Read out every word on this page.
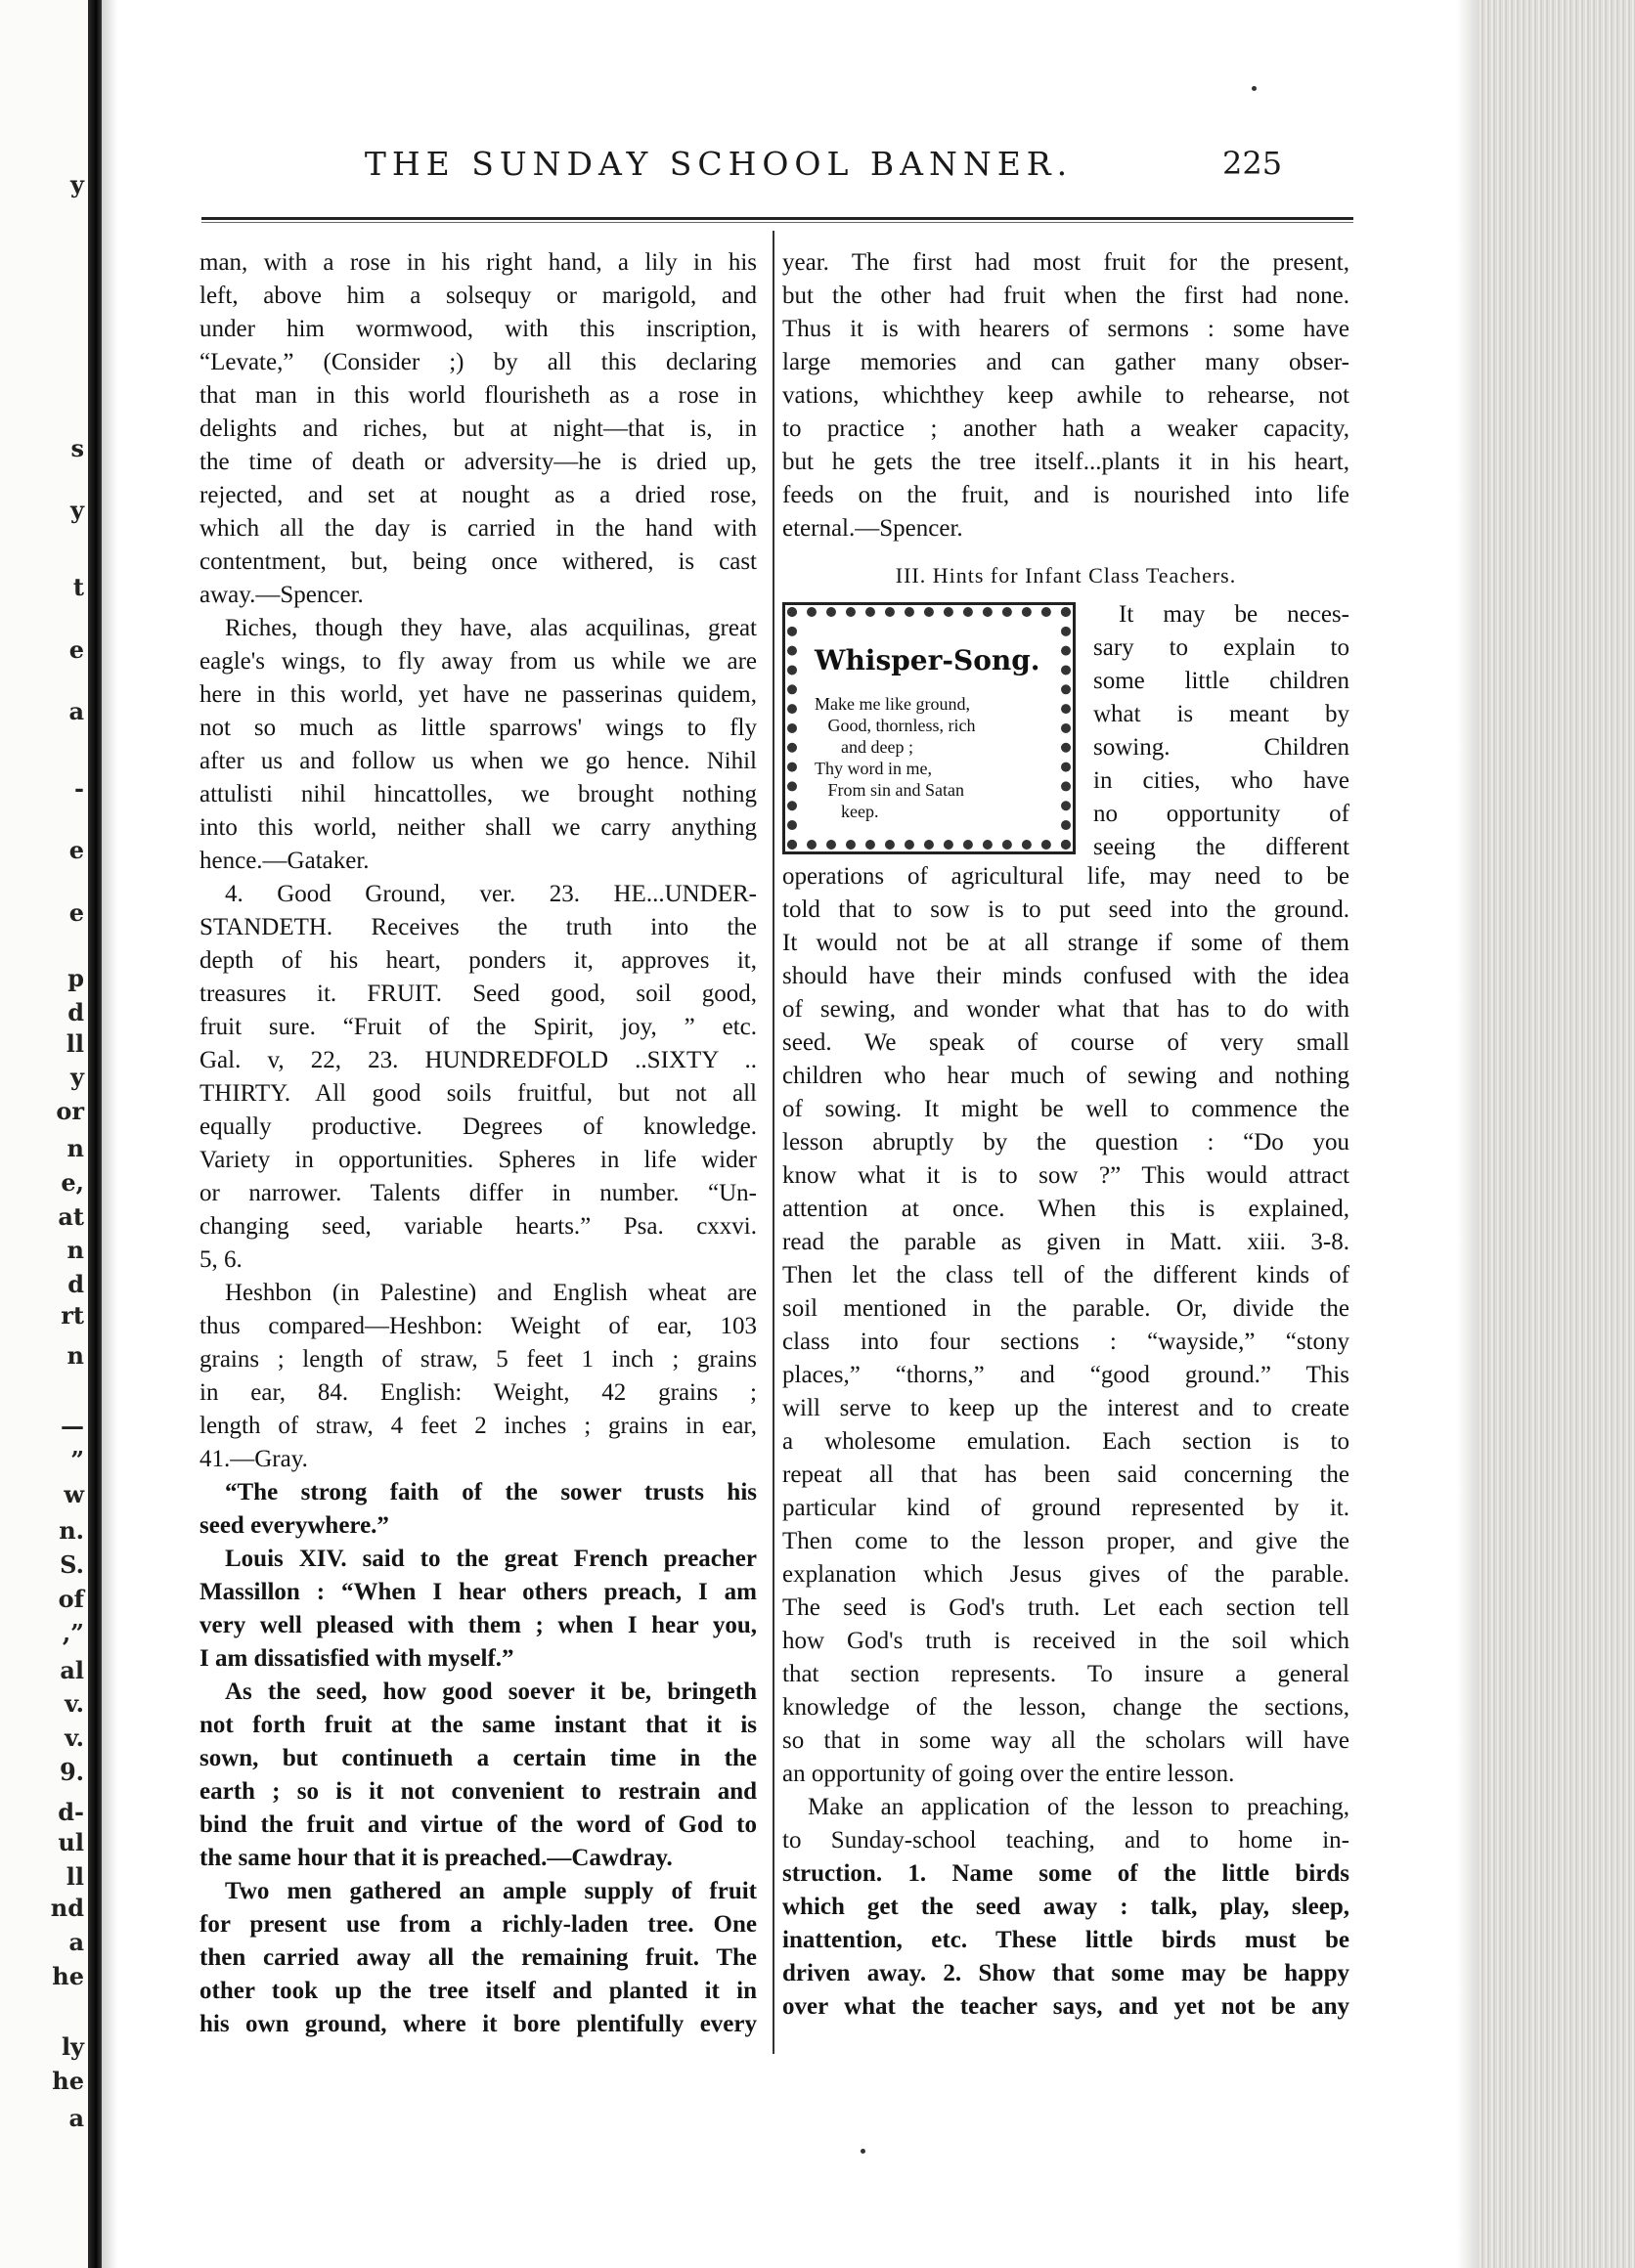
y
s
y
t
e
a
-
e
e
p
d
ll
y
or
n
e,
at
n
d
rt
n
—
”
w
n.
S.
of
,”
al
v.
v.
9.
d-
ul
ll
nd
a
he
ly
he
a
THE SUNDAY SCHOOL BANNER.	225
man, with a rose in his right hand, a lily in his
left, above him a solsequy or marigold, and
under him wormwood, with this inscription,
“Levate,” (Consider ;) by all this declaring
that man in this world flourisheth as a rose in
delights and riches, but at night—that is, in
the time of death or adversity—he is dried up,
rejected, and set at nought as a dried rose,
which all the day is carried in the hand with
contentment, but, being once withered, is cast
away.—Spencer.
Riches, though they have, alas acquilinas, great
eagle's wings, to fly away from us while we are
here in this world, yet have ne passerinas quidem,
not so much as little sparrows' wings to fly
after us and follow us when we go hence. Nihil
attulisti nihil hincattolles, we brought nothing
into this world, neither shall we carry anything
hence.—Gataker.
4. Good Ground, ver. 23. HE...UNDER-
STANDETH. Receives the truth into the
depth of his heart, ponders it, approves it,
treasures it. FRUIT. Seed good, soil good,
fruit sure. “Fruit of the Spirit, joy, ” etc.
Gal. v, 22, 23. HUNDREDFOLD ..SIXTY ..
THIRTY. All good soils fruitful, but not all
equally productive. Degrees of knowledge.
Variety in opportunities. Spheres in life wider
or narrower. Talents differ in number. “Un-
changing seed, variable hearts.” Psa. cxxvi.
5, 6.
Heshbon (in Palestine) and English wheat are
thus compared—Heshbon: Weight of ear, 103
grains ; length of straw, 5 feet 1 inch ; grains
in ear, 84. English: Weight, 42 grains ;
length of straw, 4 feet 2 inches ; grains in ear,
41.—Gray.
“The strong faith of the sower trusts his
seed everywhere.”
Louis XIV. said to the great French preacher
Massillon : “When I hear others preach, I am
very well pleased with them ; when I hear you,
I am dissatisfied with myself.”
As the seed, how good soever it be, bringeth
not forth fruit at the same instant that it is
sown, but continueth a certain time in the
earth ; so is it not convenient to restrain and
bind the fruit and virtue of the word of God to
the same hour that it is preached.—Cawdray.
Two men gathered an ample supply of fruit
for present use from a richly-laden tree. One
then carried away all the remaining fruit. The
other took up the tree itself and planted it in
his own ground, where it bore plentifully every
year. The first had most fruit for the present,
but the other had fruit when the first had none.
Thus it is with hearers of sermons : some have
large memories and can gather many obser-
vations, whichthey keep awhile to rehearse, not
to practice ; another hath a weaker capacity,
but he gets the tree itself...plants it in his heart,
feeds on the fruit, and is nourished into life
eternal.—Spencer.
III. Hints for Infant Class Teachers.
Whisper-Song.
Make me like ground,
Good, thornless, rich
and deep ;
Thy word in me,
From sin and Satan
keep.
It may be neces-
sary to explain to
some little children
what is meant by
sowing. Children
in cities, who have
no opportunity of
seeing the different
operations of agricultural life, may need to be
told that to sow is to put seed into the ground.
It would not be at all strange if some of them
should have their minds confused with the idea
of sewing, and wonder what that has to do with
seed. We speak of course of very small
children who hear much of sewing and nothing
of sowing. It might be well to commence the
lesson abruptly by the question : “Do you
know what it is to sow ?” This would attract
attention at once. When this is explained,
read the parable as given in Matt. xiii. 3-8.
Then let the class tell of the different kinds of
soil mentioned in the parable. Or, divide the
class into four sections : “wayside,” “stony
places,” “thorns,” and “good ground.” This
will serve to keep up the interest and to create
a wholesome emulation. Each section is to
repeat all that has been said concerning the
particular kind of ground represented by it.
Then come to the lesson proper, and give the
explanation which Jesus gives of the parable.
The seed is God's truth. Let each section tell
how God's truth is received in the soil which
that section represents. To insure a general
knowledge of the lesson, change the sections,
so that in some way all the scholars will have
an opportunity of going over the entire lesson.
Make an application of the lesson to preaching,
to Sunday-school teaching, and to home in-
struction. 1. Name some of the little birds
which get the seed away : talk, play, sleep,
inattention, etc. These little birds must be
driven away. 2. Show that some may be happy
over what the teacher says, and yet not be any
